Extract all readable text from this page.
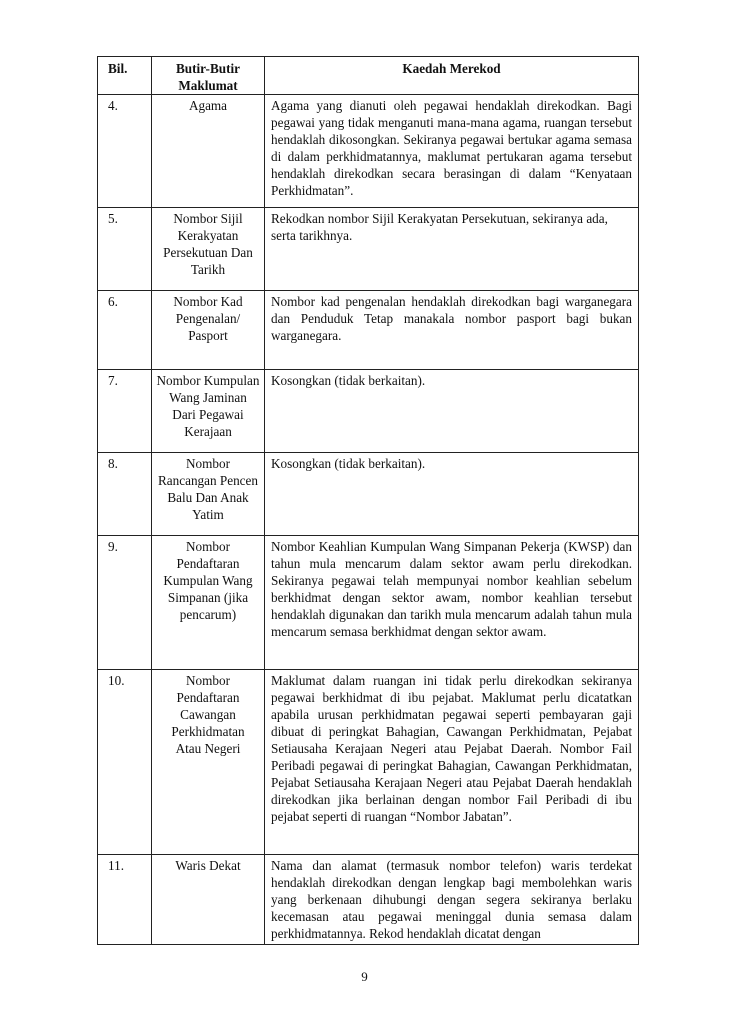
Bil.	Butir-Butir Maklumat	Kaedah Merekod
4.	Agama	Agama yang dianuti oleh pegawai hendaklah direkodkan. Bagi pegawai yang tidak menganuti mana-mana agama, ruangan tersebut hendaklah dikosongkan. Sekiranya pegawai bertukar agama semasa di dalam perkhidmatannya, maklumat pertukaran agama tersebut hendaklah direkodkan secara berasingan di dalam “Kenyataan Perkhidmatan”.
5.	Nombor Sijil Kerakyatan Persekutuan Dan Tarikh	Rekodkan nombor Sijil Kerakyatan Persekutuan, sekiranya ada, serta tarikhnya.
6.	Nombor Kad Pengenalan/ Pasport	Nombor kad pengenalan hendaklah direkodkan bagi warganegara dan Penduduk Tetap manakala nombor pasport bagi bukan warganegara.
7.	Nombor Kumpulan Wang Jaminan Dari Pegawai Kerajaan	Kosongkan (tidak berkaitan).
8.	Nombor Rancangan Pencen Balu Dan Anak Yatim	Kosongkan (tidak berkaitan).
9.	Nombor Pendaftaran Kumpulan Wang Simpanan (jika pencarum)	Nombor Keahlian Kumpulan Wang Simpanan Pekerja (KWSP) dan tahun mula mencarum dalam sektor awam perlu direkodkan. Sekiranya pegawai telah mempunyai nombor keahlian sebelum berkhidmat dengan sektor awam, nombor keahlian tersebut hendaklah digunakan dan tarikh mula mencarum adalah tahun mula mencarum semasa berkhidmat dengan sektor awam.
10.	Nombor Pendaftaran Cawangan Perkhidmatan Atau Negeri	Maklumat dalam ruangan ini tidak perlu direkodkan sekiranya pegawai berkhidmat di ibu pejabat. Maklumat perlu dicatatkan apabila urusan perkhidmatan pegawai seperti pembayaran gaji dibuat di peringkat Bahagian, Cawangan Perkhidmatan, Pejabat Setiausaha Kerajaan Negeri atau Pejabat Daerah. Nombor Fail Peribadi pegawai di peringkat Bahagian, Cawangan Perkhidmatan, Pejabat Setiausaha Kerajaan Negeri atau Pejabat Daerah hendaklah direkodkan jika berlainan dengan nombor Fail Peribadi di ibu pejabat seperti di ruangan “Nombor Jabatan”.
11.	Waris Dekat	Nama dan alamat (termasuk nombor telefon) waris terdekat hendaklah direkodkan dengan lengkap bagi membolehkan waris yang berkenaan dihubungi dengan segera sekiranya berlaku kecemasan atau pegawai meninggal dunia semasa dalam perkhidmatannya. Rekod hendaklah dicatat dengan
9
